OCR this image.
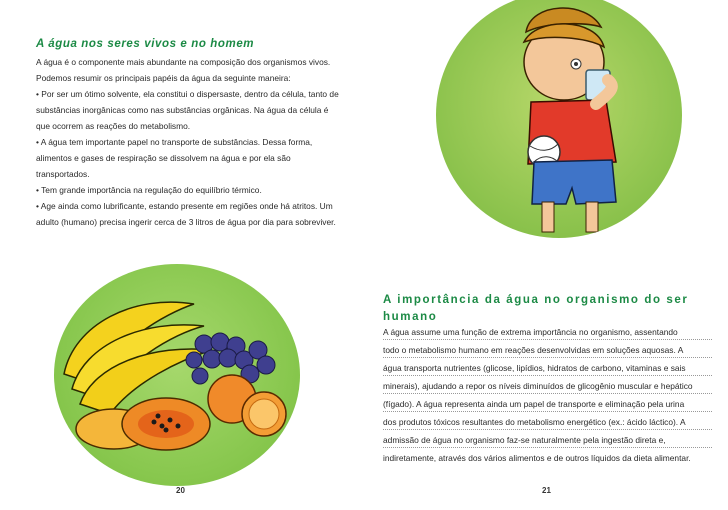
A água nos seres vivos e no homem
A água é o componente mais abundante na composição dos organismos vivos.
Podemos resumir os principais papéis da água da seguinte maneira:
• Por ser um ótimo solvente, ela constitui o dispersaste, dentro da célula, tanto de
substâncias inorgânicas como nas substâncias orgânicas. Na água da célula é
que ocorrem as reações do metabolismo.
• A água tem importante papel no transporte de substâncias. Dessa forma,
alimentos e gases de respiração se dissolvem na água e por ela são
transportados.
• Tem grande importância na regulação do equilíbrio térmico.
• Age ainda como lubrificante, estando presente em regiões onde há atritos. Um
adulto (humano) precisa ingerir cerca de 3 litros de água por dia para sobreviver.
20
A importância da água no organismo do ser
humano
A água assume uma função de extrema importância no organismo, assentando
todo o metabolismo humano em reações desenvolvidas em soluções aquosas. A
água transporta nutrientes (glicose, lipídios, hidratos de carbono, vitaminas e sais
minerais), ajudando a repor os níveis diminuídos de glicogênio muscular e hepático
(fígado). A água representa ainda um papel de transporte e eliminação pela urina
dos produtos tóxicos resultantes do metabolismo energético (ex.: ácido láctico). A
admissão de água no organismo faz-se naturalmente pela ingestão direta e,
indiretamente, através dos vários alimentos e de outros líquidos da dieta alimentar.
21
